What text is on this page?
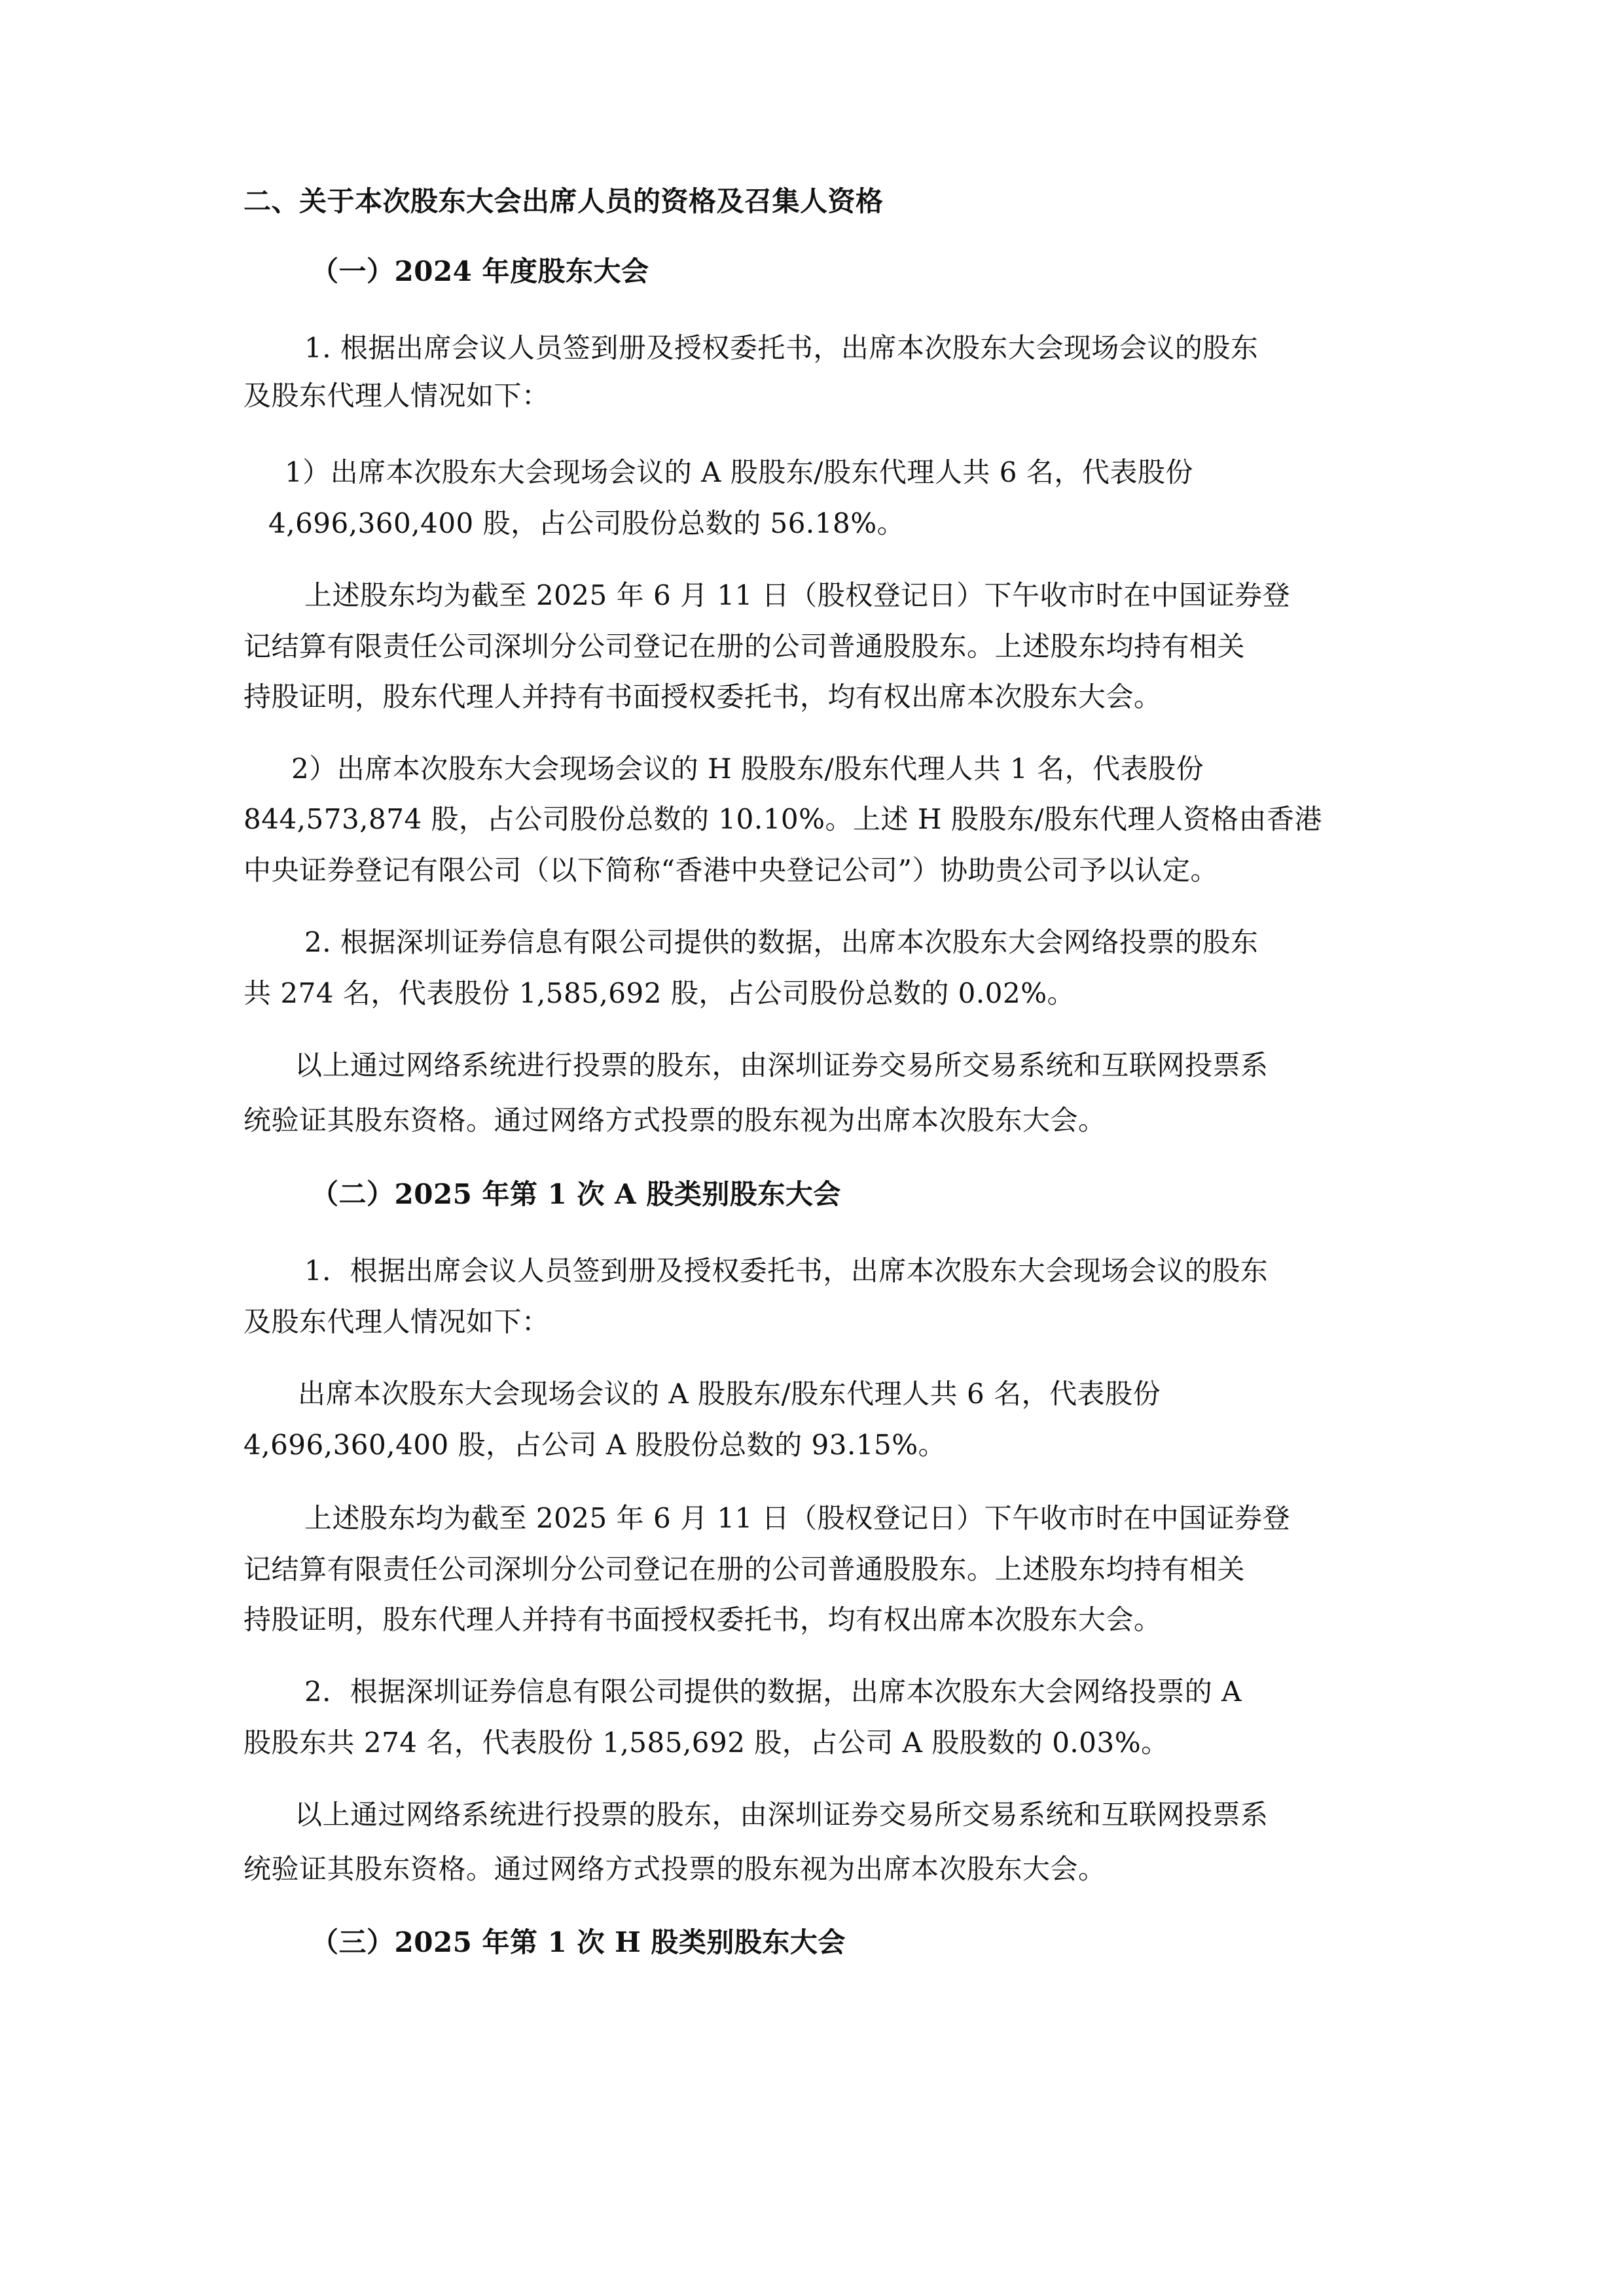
二、关于本次股东大会出席人员的资格及召集人资格
（一）2024 年度股东大会
1. 根据出席会议人员签到册及授权委托书，出席本次股东大会现场会议的股东
及股东代理人情况如下：
1）出席本次股东大会现场会议的 A 股股东/股东代理人共 6 名，代表股份
4,696,360,400 股，占公司股份总数的 56.18%。
上述股东均为截至 2025 年 6 月 11 日（股权登记日）下午收市时在中国证券登
记结算有限责任公司深圳分公司登记在册的公司普通股股东。上述股东均持有相关
持股证明，股东代理人并持有书面授权委托书，均有权出席本次股东大会。
2）出席本次股东大会现场会议的 H 股股东/股东代理人共 1 名，代表股份
844,573,874 股，占公司股份总数的 10.10%。上述 H 股股东/股东代理人资格由香港
中央证券登记有限公司（以下简称“香港中央登记公司”）协助贵公司予以认定。
2. 根据深圳证券信息有限公司提供的数据，出席本次股东大会网络投票的股东
共 274 名，代表股份 1,585,692 股，占公司股份总数的 0.02%。
以上通过网络系统进行投票的股东，由深圳证券交易所交易系统和互联网投票系
统验证其股东资格。通过网络方式投票的股东视为出席本次股东大会。
（二）2025 年第 1 次 A 股类别股东大会
1．根据出席会议人员签到册及授权委托书，出席本次股东大会现场会议的股东
及股东代理人情况如下：
出席本次股东大会现场会议的 A 股股东/股东代理人共 6 名，代表股份
4,696,360,400 股，占公司 A 股股份总数的 93.15%。
上述股东均为截至 2025 年 6 月 11 日（股权登记日）下午收市时在中国证券登
记结算有限责任公司深圳分公司登记在册的公司普通股股东。上述股东均持有相关
持股证明，股东代理人并持有书面授权委托书，均有权出席本次股东大会。
2．根据深圳证券信息有限公司提供的数据，出席本次股东大会网络投票的 A
股股东共 274 名，代表股份 1,585,692 股，占公司 A 股股数的 0.03%。
以上通过网络系统进行投票的股东，由深圳证券交易所交易系统和互联网投票系
统验证其股东资格。通过网络方式投票的股东视为出席本次股东大会。
（三）2025 年第 1 次 H 股类别股东大会
